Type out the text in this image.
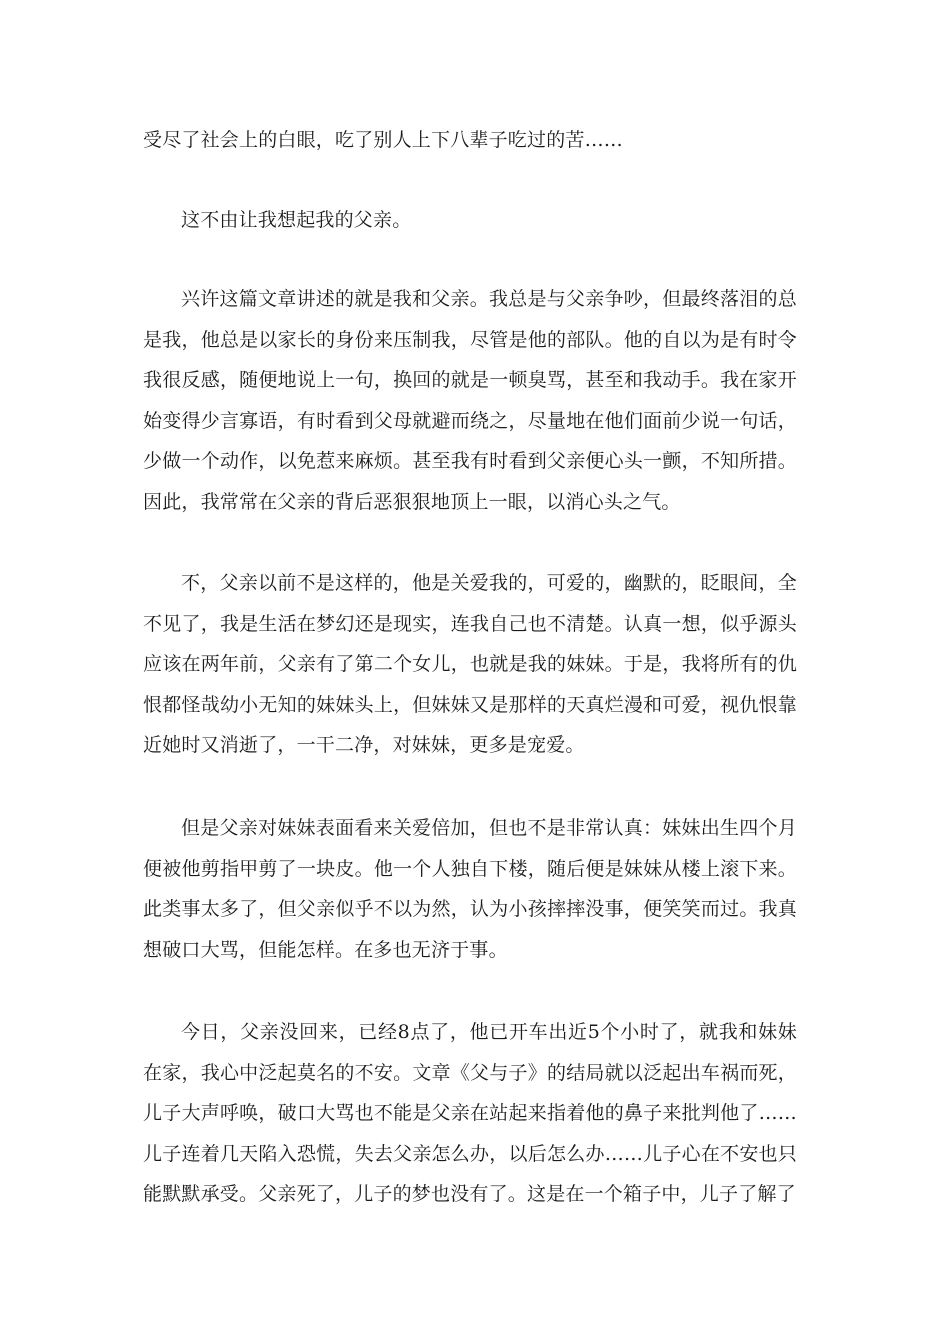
受尽了社会上的白眼，吃了别人上下八辈子吃过的苦……

这不由让我想起我的父亲。

兴许这篇文章讲述的就是我和父亲。我总是与父亲争吵，但最终落泪的总是我，他总是以家长的身份来压制我，尽管是他的部队。他的自以为是有时令我很反感，随便地说上一句，换回的就是一顿臭骂，甚至和我动手。我在家开始变得少言寡语，有时看到父母就避而绕之，尽量地在他们面前少说一句话，少做一个动作，以免惹来麻烦。甚至我有时看到父亲便心头一颤，不知所措。因此，我常常在父亲的背后恶狠狠地顶上一眼，以消心头之气。

不，父亲以前不是这样的，他是关爱我的，可爱的，幽默的，眨眼间，全不见了，我是生活在梦幻还是现实，连我自己也不清楚。认真一想，似乎源头应该在两年前，父亲有了第二个女儿，也就是我的妹妹。于是，我将所有的仇恨都怪哉幼小无知的妹妹头上，但妹妹又是那样的天真烂漫和可爱，视仇恨靠近她时又消逝了，一干二净，对妹妹，更多是宠爱。

但是父亲对妹妹表面看来关爱倍加，但也不是非常认真：妹妹出生四个月便被他剪指甲剪了一块皮。他一个人独自下楼，随后便是妹妹从楼上滚下来。此类事太多了，但父亲似乎不以为然，认为小孩摔摔没事，便笑笑而过。我真想破口大骂，但能怎样。在多也无济于事。

今日，父亲没回来，已经8点了，他已开车出近5个小时了，就我和妹妹在家，我心中泛起莫名的不安。文章《父与子》的结局就以泛起出车祸而死，儿子大声呼唤，破口大骂也不能是父亲在站起来指着他的鼻子来批判他了……儿子连着几天陷入恐慌，失去父亲怎么办，以后怎么办……儿子心在不安也只能默默承受。父亲死了，儿子的梦也没有了。这是在一个箱子中，儿子了解了
